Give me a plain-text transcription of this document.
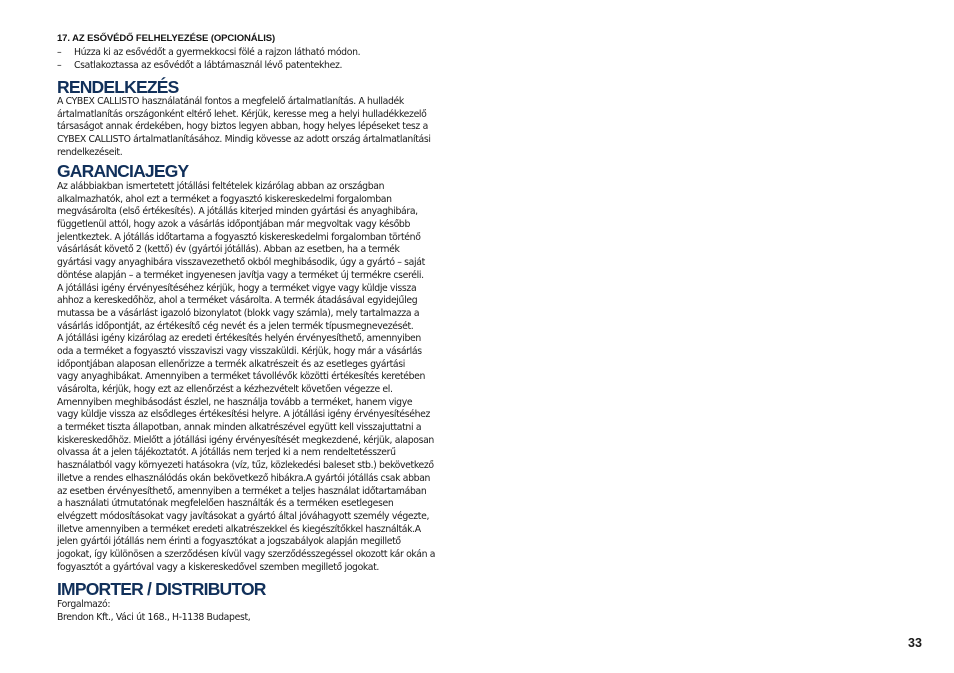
17. AZ ESŐVÉDŐ FELHELYEZÉSE (OPCIONÁLIS)
– Húzza ki az esővédőt a gyermekkocsi fölé a rajzon látható módon.
– Csatlakoztassa az esővédőt a lábtámasznál lévő patentekhez.
RENDELKEZÉS

A CYBEX CALLISTO használatánál fontos a megfelelő ártalmatlanítás. A hulladék
ártalmatlanítás országonként eltérő lehet. Kérjük, keresse meg a helyi hulladékkezelő
társaságot annak érdekében, hogy biztos legyen abban, hogy helyes lépéseket tesz a
CYBEX CALLISTO ártalmatlanításához. Mindig kövesse az adott ország ártalmatlanítási
rendelkezéseit.

GARANCIAJEGY

Az alábbiakban ismertetett jótállási feltételek kizárólag abban az országban
alkalmazhatók, ahol ezt a terméket a fogyasztó kiskereskedelmi forgalomban
megvásárolta (első értékesítés). A jótállás kiterjed minden gyártási és anyaghibára,
függetlenül attól, hogy azok a vásárlás időpontjában már megvoltak vagy később
jelentkeztek. A jótállás időtartama a fogyasztó kiskereskedelmi forgalomban történő
vásárlását követő 2 (kettő) év (gyártói jótállás). Abban az esetben, ha a termék
gyártási vagy anyaghibára visszavezethető okból meghibásodik, úgy a gyártó – saját
döntése alapján – a terméket ingyenesen javítja vagy a terméket új termékre cseréli.
A jótállási igény érvényesítéséhez kérjük, hogy a terméket vigye vagy küldje vissza
ahhoz a kereskedőhöz, ahol a terméket vásárolta. A termék átadásával egyidejűleg
mutassa be a vásárlást igazoló bizonylatot (blokk vagy számla), mely tartalmazza a
vásárlás időpontját, az értékesítő cég nevét és a jelen termék típusmegnevezését.
A jótállási igény kizárólag az eredeti értékesítés helyén érvényesíthető, amennyiben
oda a terméket a fogyasztó visszaviszi vagy visszaküldi. Kérjük, hogy már a vásárlás
időpontjában alaposan ellenőrizze a termék alkatrészeit és az esetleges gyártási
vagy anyaghibákat. Amennyiben a terméket távollévők közötti értékesítés keretében
vásárolta, kérjük, hogy ezt az ellenőrzést a kézhezvételt követően végezze el.
Amennyiben meghibásodást észlel, ne használja tovább a terméket, hanem vigye
vagy küldje vissza az elsődleges értékesítési helyre. A jótállási igény érvényesítéséhez
a terméket tiszta állapotban, annak minden alkatrészével együtt kell visszajuttatni a
kiskereskedőhöz. Mielőtt a jótállási igény érvényesítését megkezdené, kérjük, alaposan
olvassa át a jelen tájékoztatót. A jótállás nem terjed ki a nem rendeltetésszerű
használatból vagy környezeti hatásokra (víz, tűz, közlekedési baleset stb.) bekövetkező
illetve a rendes elhasználódás okán bekövetkező hibákra.A gyártói jótállás csak abban
az esetben érvényesíthető, amennyiben a terméket a teljes használat időtartamában
a használati útmutatónak megfelelően használták és a terméken esetlegesen
elvégzett módosításokat vagy javításokat a gyártó által jóváhagyott személy végezte,
illetve amennyiben a terméket eredeti alkatrészekkel és kiegészítőkkel használták.A
jelen gyártói jótállás nem érinti a fogyasztókat a jogszabályok alapján megillető
jogokat, így különösen a szerződésen kívül vagy szerződésszegéssel okozott kár okán a
fogyasztót a gyártóval vagy a kiskereskedővel szemben megillető jogokat.

IMPORTER / DISTRIBUTOR

Forgalmazó:
Brendon Kft., Váci út 168., H-1138 Budapest,

33
